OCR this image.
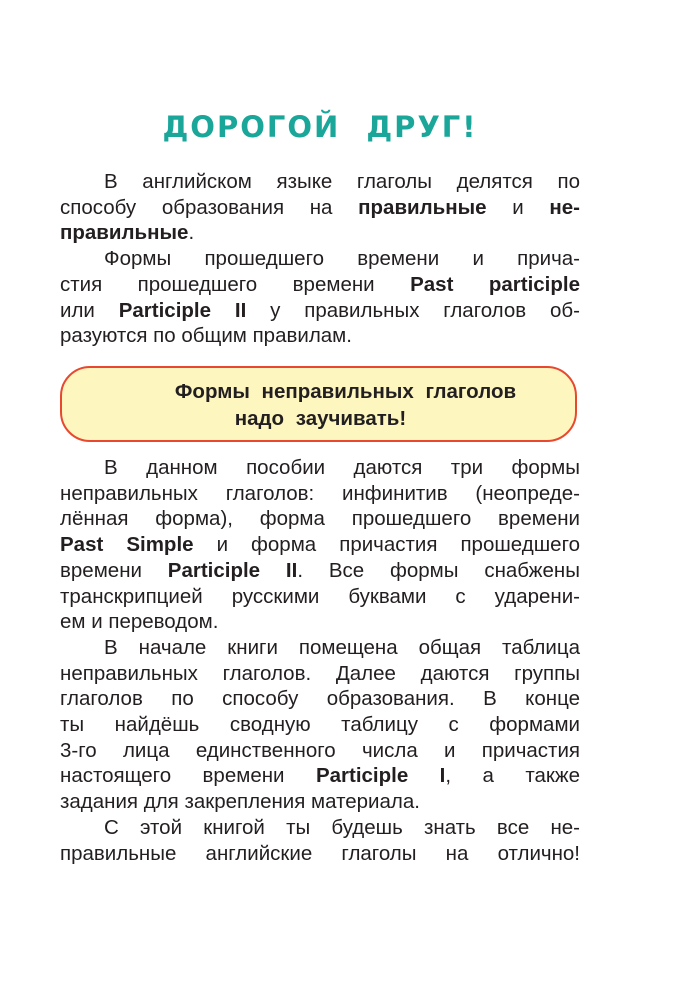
ДОРОГОЙ ДРУГ!

В английском языке глаголы делятся по
способу образования на правильные и не-
правильные.

Формы прошедшего времени и прича-
стия прошедшего времени Past participle
или Participle II у правильных глаголов об-
разуются по общим правилам.

Формы неправильных глаголов
надо заучивать!

В данном пособии даются три формы
неправильных глаголов: инфинитив (неопреде-
лённая форма), форма прошедшего времени
Past Simple и форма причастия прошедшего
времени Participle II. Все формы снабжены
транскрипцией русскими буквами с ударени-
ем и переводом.

В начале книги помещена общая таблица
неправильных глаголов. Далее даются группы
глаголов по способу образования. В конце
ты найдёшь сводную таблицу с формами
3-го лица единственного числа и причастия
настоящего времени Participle I, а также
задания для закрепления материала.

С этой книгой ты будешь знать все не-
правильные английские глаголы на отлично!
